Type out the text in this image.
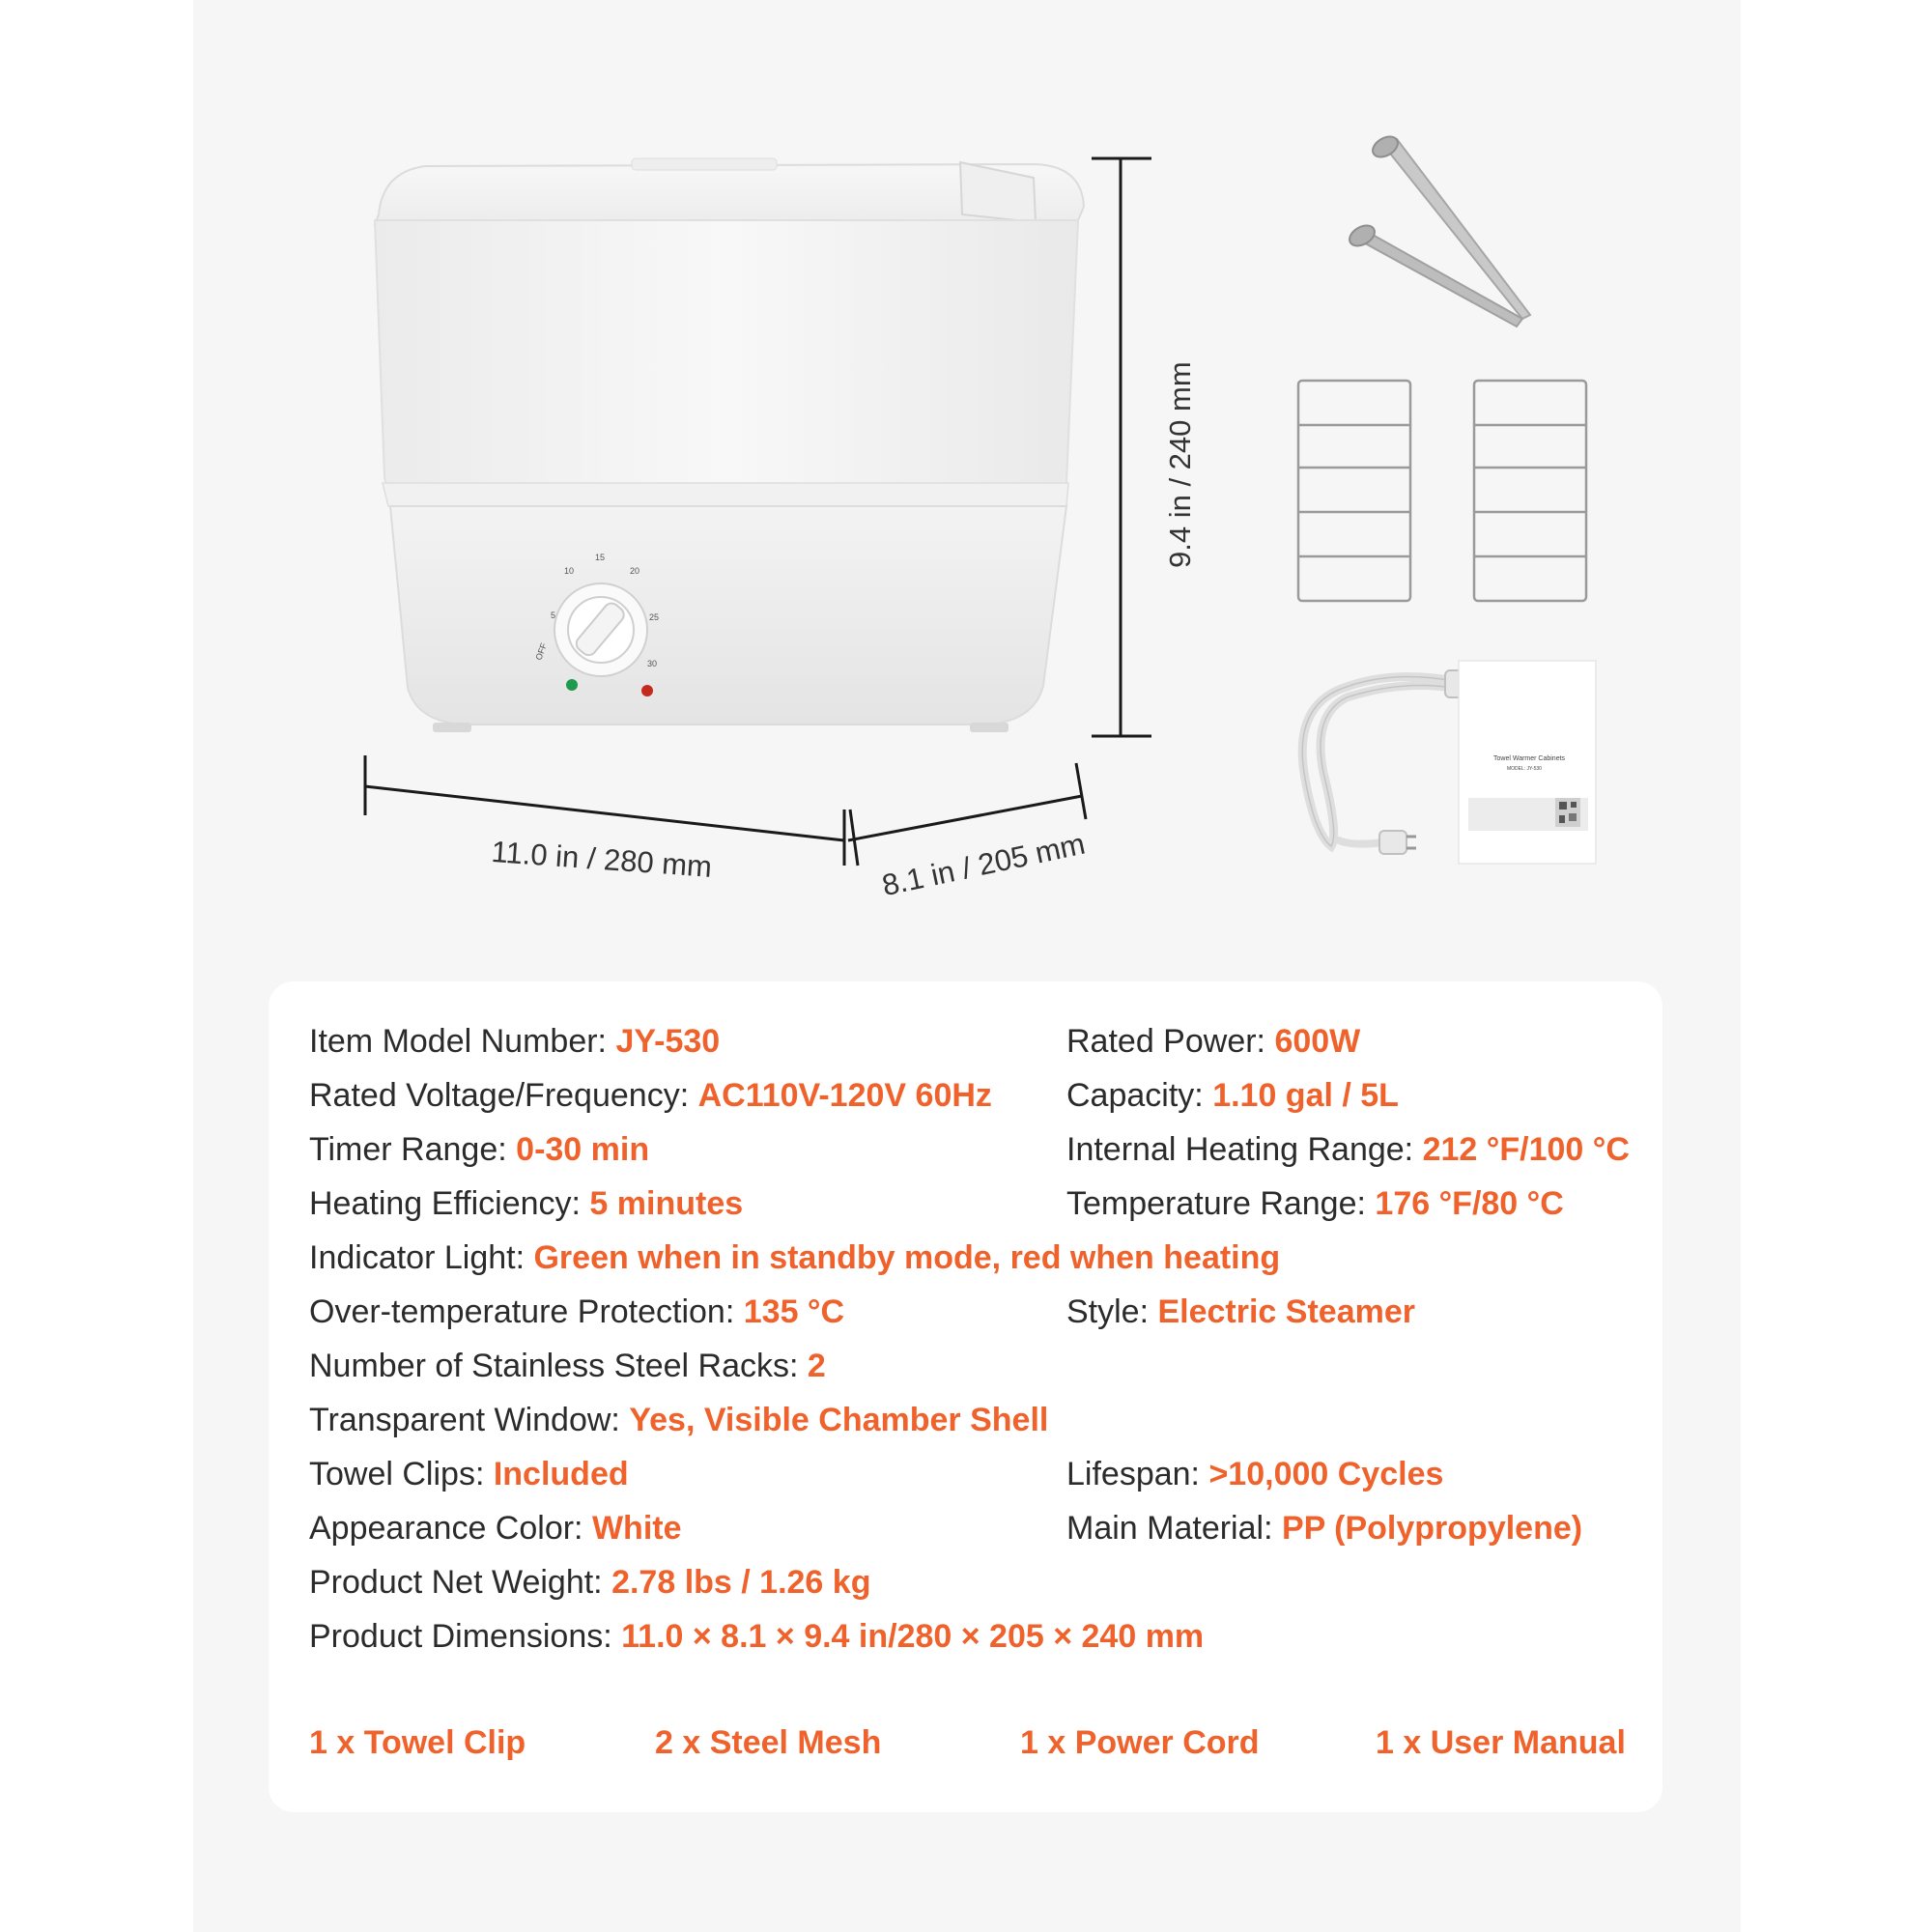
OFF
5
10
15
20
25
30
Towel Warmer Cabinets
MODEL: JY-530
11.0 in / 280 mm	8.1 in / 205 mm
9.4 in / 240 mm
Item Model Number: JY-530	Rated Power: 600W
Rated Voltage/Frequency: AC110V-120V 60Hz Capacity: 1.10 gal / 5L
Timer Range: 0-30 min	Internal Heating Range: 212 °F/100 °C
Heating Efficiency: 5 minutes	Temperature Range: 176 °F/80 °C
Indicator Light: Green when in standby mode, red when heating
Over-temperature Protection: 135 °C	Style: Electric Steamer
Number of Stainless Steel Racks: 2
Transparent Window: Yes, Visible Chamber Shell
Towel Clips: Included	Lifespan: >10,000 Cycles
Appearance Color: White	Main Material: PP (Polypropylene)
Product Net Weight: 2.78 lbs / 1.26 kg
Product Dimensions: 11.0 × 8.1 × 9.4 in/280 × 205 × 240 mm
1 x Towel Clip	2 x Steel Mesh	1 x Power Cord	1 x User Manual
